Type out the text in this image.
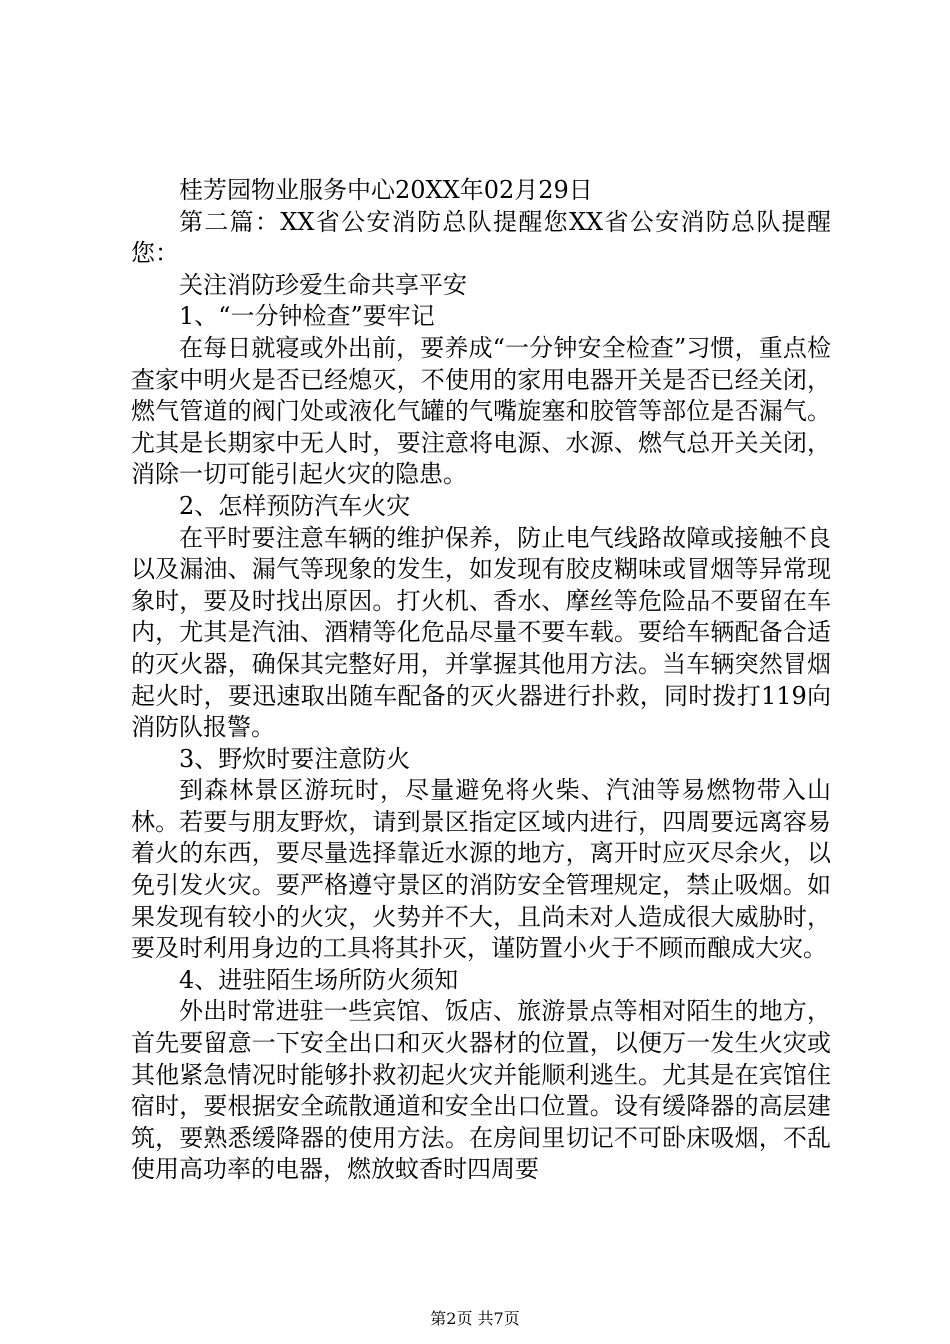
桂芳园物业服务中心20XX年02月29日

第二篇：XX省公安消防总队提醒您XX省公安消防总队提醒您：

关注消防珍爱生命共享平安

1、“一分钟检查”要牢记

在每日就寝或外出前，要养成“一分钟安全检查”习惯，重点检查家中明火是否已经熄灭，不使用的家用电器开关是否已经关闭，燃气管道的阀门处或液化气罐的气嘴旋塞和胶管等部位是否漏气。尤其是长期家中无人时，要注意将电源、水源、燃气总开关关闭，消除一切可能引起火灾的隐患。

2、怎样预防汽车火灾

在平时要注意车辆的维护保养，防止电气线路故障或接触不良以及漏油、漏气等现象的发生，如发现有胶皮糊味或冒烟等异常现象时，要及时找出原因。打火机、香水、摩丝等危险品不要留在车内，尤其是汽油、酒精等化危品尽量不要车载。要给车辆配备合适的灭火器，确保其完整好用，并掌握其他用方法。当车辆突然冒烟起火时，要迅速取出随车配备的灭火器进行扑救，同时拨打119向消防队报警。

3、野炊时要注意防火

到森林景区游玩时，尽量避免将火柴、汽油等易燃物带入山林。若要与朋友野炊，请到景区指定区域内进行，四周要远离容易着火的东西，要尽量选择靠近水源的地方，离开时应灭尽余火，以免引发火灾。要严格遵守景区的消防安全管理规定，禁止吸烟。如果发现有较小的火灾，火势并不大，且尚未对人造成很大威胁时，要及时利用身边的工具将其扑灭，谨防置小火于不顾而酿成大灾。

4、进驻陌生场所防火须知

外出时常进驻一些宾馆、饭店、旅游景点等相对陌生的地方，首先要留意一下安全出口和灭火器材的位置，以便万一发生火灾或其他紧急情况时能够扑救初起火灾并能顺利逃生。尤其是在宾馆住宿时，要根据安全疏散通道和安全出口位置。设有缓降器的高层建筑，要熟悉缓降器的使用方法。在房间里切记不可卧床吸烟，不乱使用高功率的电器，燃放蚊香时四周要

第2页 共7页
